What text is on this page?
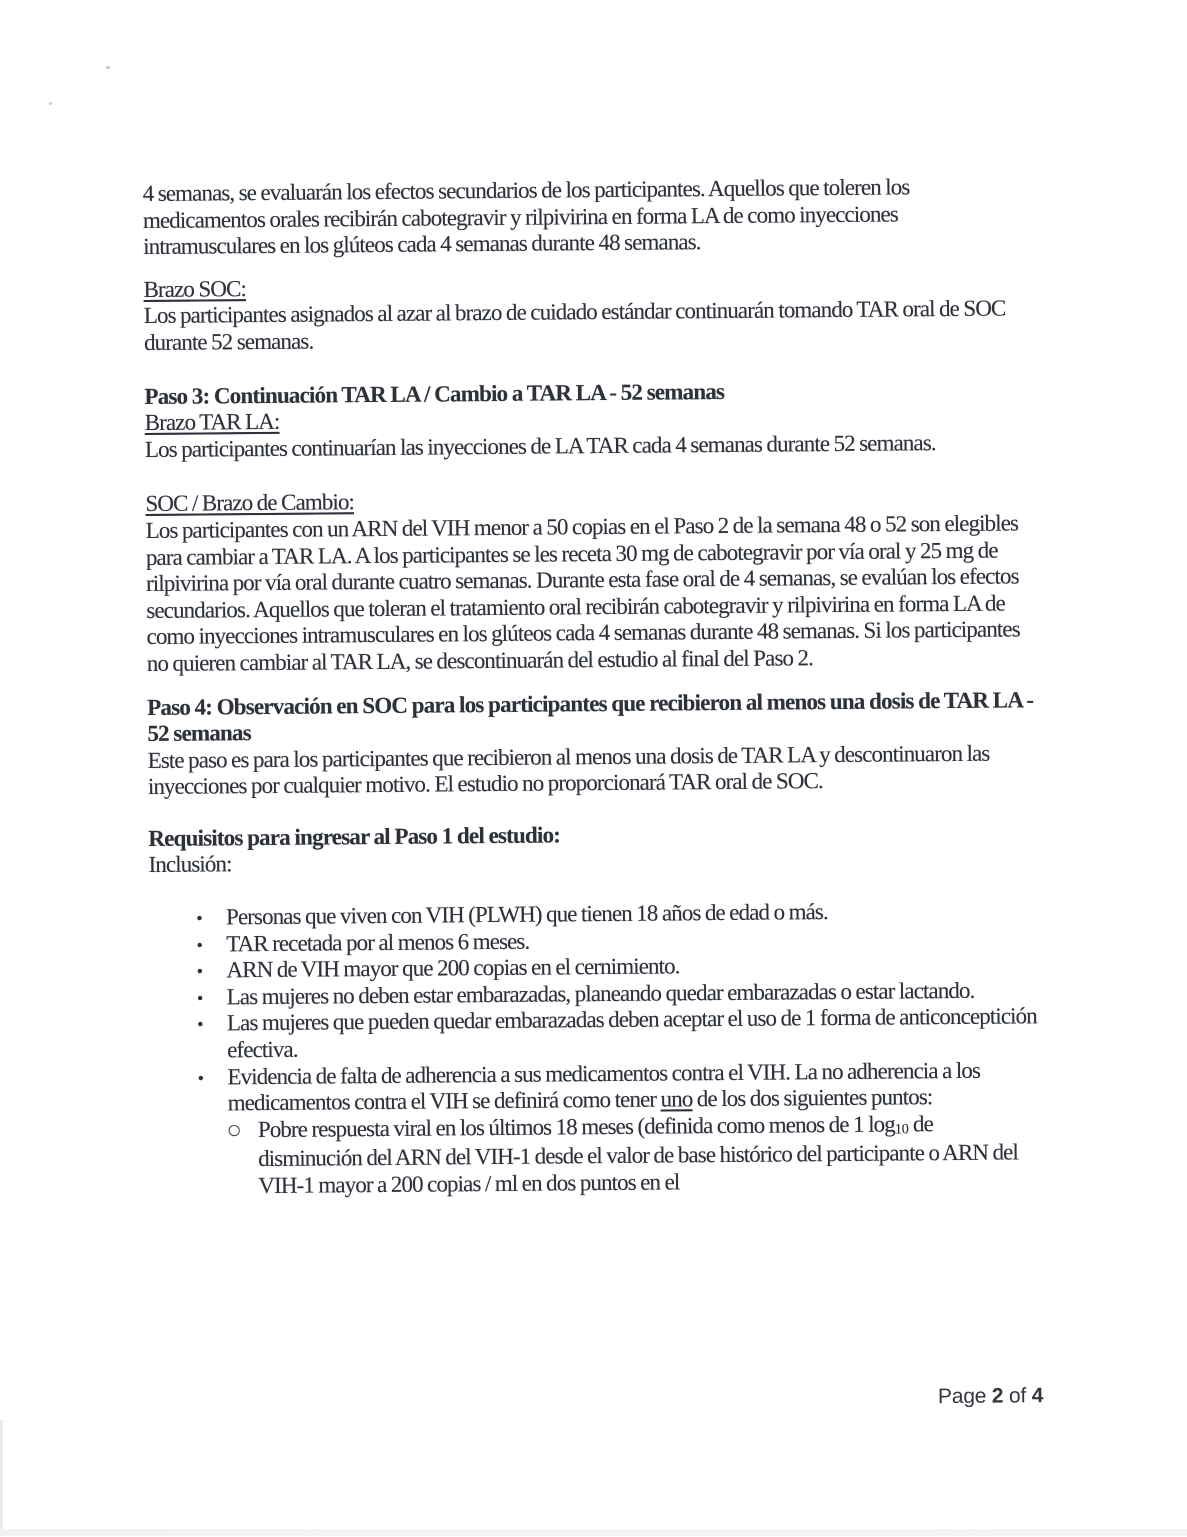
4 semanas, se evaluarán los efectos secundarios de los participantes. Aquellos que toleren los medicamentos orales recibirán cabotegravir y rilpivirina en forma LA de como inyecciones intramusculares en los glúteos cada 4 semanas durante 48 semanas.

Brazo SOC:

Los participantes asignados al azar al brazo de cuidado estándar continuarán tomando TAR oral de SOC durante 52 semanas.

Paso 3: Continuación TAR LA / Cambio a TAR LA - 52 semanas
Brazo TAR LA:

Los participantes continuarían las inyecciones de LA TAR cada 4 semanas durante 52 semanas.

SOC / Brazo de Cambio:

Los participantes con un ARN del VIH menor a 50 copias en el Paso 2 de la semana 48 o 52 son elegibles para cambiar a TAR LA. A los participantes se les receta 30 mg de cabotegravir por vía oral y 25 mg de rilpivirina por vía oral durante cuatro semanas. Durante esta fase oral de 4 semanas, se evalúan los efectos secundarios. Aquellos que toleran el tratamiento oral recibirán cabotegravir y rilpivirina en forma LA de como inyecciones intramusculares en los glúteos cada 4 semanas durante 48 semanas. Si los participantes no quieren cambiar al TAR LA, se descontinuarán del estudio al final del Paso 2.

Paso 4: Observación en SOC para los participantes que recibieron al menos una dosis de TAR LA - 52 semanas

Este paso es para los participantes que recibieron al menos una dosis de TAR LA y descontinuaron las inyecciones por cualquier motivo. El estudio no proporcionará TAR oral de SOC.

Requisitos para ingresar al Paso 1 del estudio:
Inclusión:
• Personas que viven con VIH (PLWH) que tienen 18 años de edad o más.
• TAR recetada por al menos 6 meses.
• ARN de VIH mayor que 200 copias en el cernimiento.
• Las mujeres no deben estar embarazadas, planeando quedar embarazadas o estar lactando.
• Las mujeres que pueden quedar embarazadas deben aceptar el uso de 1 forma de anticonceptición efectiva.
• Evidencia de falta de adherencia a sus medicamentos contra el VIH. La no adherencia a los medicamentos contra el VIH se definirá como tener uno de los dos siguientes puntos:
○ Pobre respuesta viral en los últimos 18 meses (definida como menos de 1 $\log_{10}$ de disminución del ARN del VIH-1 desde el valor de base histórico del participante o ARN del VIH-1 mayor a 200 copias / ml en dos puntos en el
Page 2 of 4
